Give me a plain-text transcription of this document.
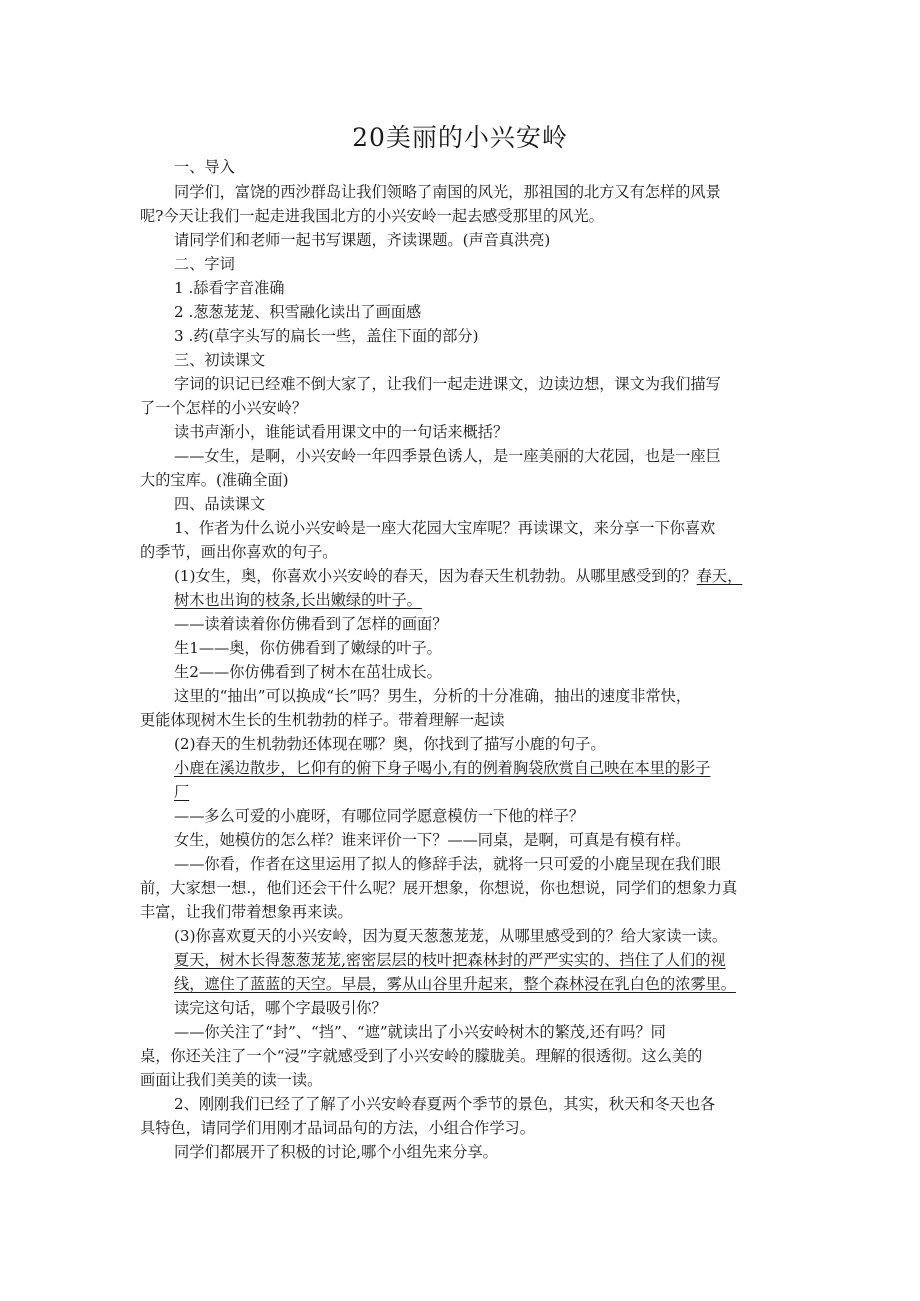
20美丽的小兴安岭
一、导入
同学们，富饶的西沙群岛让我们领略了南国的风光，那祖国的北方又有怎样的风景
呢?今天让我们一起走进我国北方的小兴安岭一起去感受那里的风光。
请同学们和老师一起书写课题，齐读课题。(声音真洪亮)
二、字词
1 .舔看字音准确
2 .葱葱茏茏、积雪融化读出了画面感
3 .药(草字头写的扁长一些，盖住下面的部分)
三、初读课文
字词的识记已经难不倒大家了，让我们一起走进课文，边读边想，课文为我们描写
了一个怎样的小兴安岭？
读书声渐小，谁能试看用课文中的一句话来概括？
——女生，是啊，小兴安岭一年四季景色诱人，是一座美丽的大花园，也是一座巨
大的宝库。(准确全面)
四、品读课文
1、作者为什么说小兴安岭是一座大花园大宝库呢？再读课文，来分享一下你喜欢
的季节，画出你喜欢的句子。
(1)女生，奥，你喜欢小兴安岭的春天，因为春天生机勃勃。从哪里感受到的？春天，
树木也出询的枝条,长出嫩绿的叶子。
——读着读着你仿佛看到了怎样的画面？
生1——奥，你仿佛看到了嫩绿的叶子。
生2——你仿佛看到了树木在茁壮成长。
这里的“抽出”可以换成“长”吗？男生，分析的十分准确，抽出的速度非常快，
更能体现树木生长的生机勃勃的样子。带着理解一起读
(2)春天的生机勃勃还体现在哪？奥，你找到了描写小鹿的句子。
小鹿在溪边散步，匕仰有的俯下身子喝小,有的例着胸袋欣赏自己映在本里的影子
厂
——多么可爱的小鹿呀，有哪位同学愿意模仿一下他的样子？
女生，她模仿的怎么样？谁来评价一下？——同桌，是啊，可真是有模有样。
——你看，作者在这里运用了拟人的修辞手法，就将一只可爱的小鹿呈现在我们眼
前，大家想一想.，他们还会干什么呢？展开想象，你想说，你也想说，同学们的想象力真
丰富，让我们带着想象再来读。
(3)你喜欢夏天的小兴安岭，因为夏天葱葱茏茏，从哪里感受到的？给大家读一读。
夏天，树木长得葱葱茏茏,密密层层的枝叶把森林封的严严实实的、挡住了人们的视
线，遮住了蓝蓝的天空。早晨，雾从山谷里升起来，整个森林浸在乳白色的浓雾里。
读完这句话，哪个字最吸引你？
——你关注了“封”、“挡”、“遮”就读出了小兴安岭树木的繁茂,还有吗？同
桌，你还关注了一个“浸”字就感受到了小兴安岭的朦胧美。理解的很透彻。这么美的
画面让我们美美的读一读。
2、刚刚我们已经了了解了小兴安岭春夏两个季节的景色，其实，秋天和冬天也各
具特色，请同学们用刚才品词品句的方法，小组合作学习。
同学们都展开了积极的讨论,哪个小组先来分享。
